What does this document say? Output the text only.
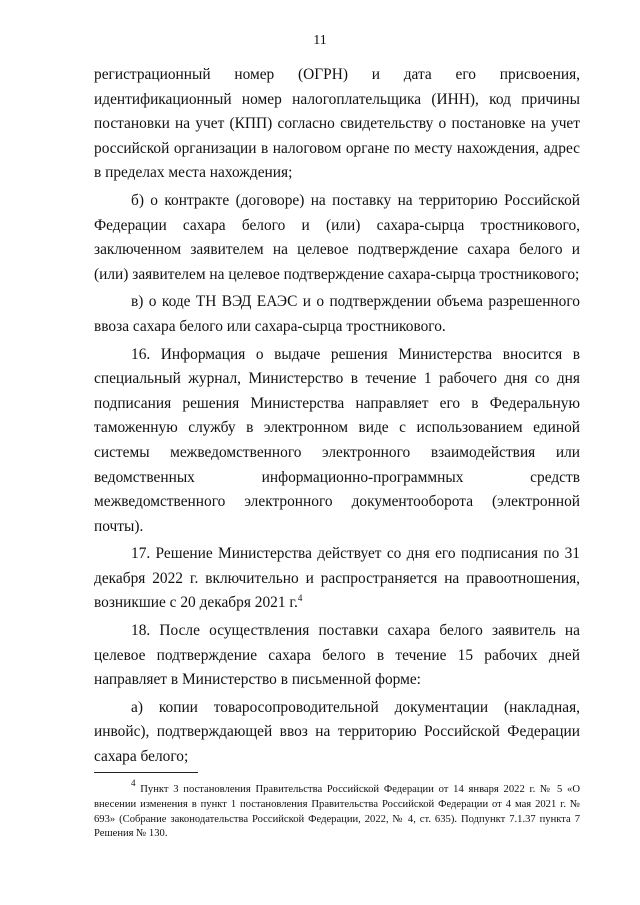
11

регистрационный номер (ОГРН) и дата его присвоения, идентификационный номер налогоплательщика (ИНН), код причины постановки на учет (КПП) согласно свидетельству о постановке на учет российской организации в налоговом органе по месту нахождения, адрес в пределах места нахождения;

б) о контракте (договоре) на поставку на территорию Российской Федерации сахара белого и (или) сахара-сырца тростникового, заключенном заявителем на целевое подтверждение сахара белого и (или) заявителем на целевое подтверждение сахара-сырца тростникового;

в) о коде ТН ВЭД ЕАЭС и о подтверждении объема разрешенного ввоза сахара белого или сахара-сырца тростникового.

16. Информация о выдаче решения Министерства вносится в специальный журнал, Министерство в течение 1 рабочего дня со дня подписания решения Министерства направляет его в Федеральную таможенную службу в электронном виде с использованием единой системы межведомственного электронного взаимодействия или ведомственных информационно-программных средств межведомственного электронного документооборота (электронной почты).

17. Решение Министерства действует со дня его подписания по 31 декабря 2022 г. включительно и распространяется на правоотношения, возникшие с 20 декабря 2021 г.$^4$

18. После осуществления поставки сахара белого заявитель на целевое подтверждение сахара белого в течение 15 рабочих дней направляет в Министерство в письменной форме:

а) копии товаросопроводительной документации (накладная, инвойс), подтверждающей ввоз на территорию Российской Федерации сахара белого;

$^4$ Пункт 3 постановления Правительства Российской Федерации от 14 января 2022 г. № 5 «О внесении изменения в пункт 1 постановления Правительства Российской Федерации от 4 мая 2021 г. № 693» (Собрание законодательства Российской Федерации, 2022, № 4, ст. 635). Подпункт 7.1.37 пункта 7 Решения № 130.
